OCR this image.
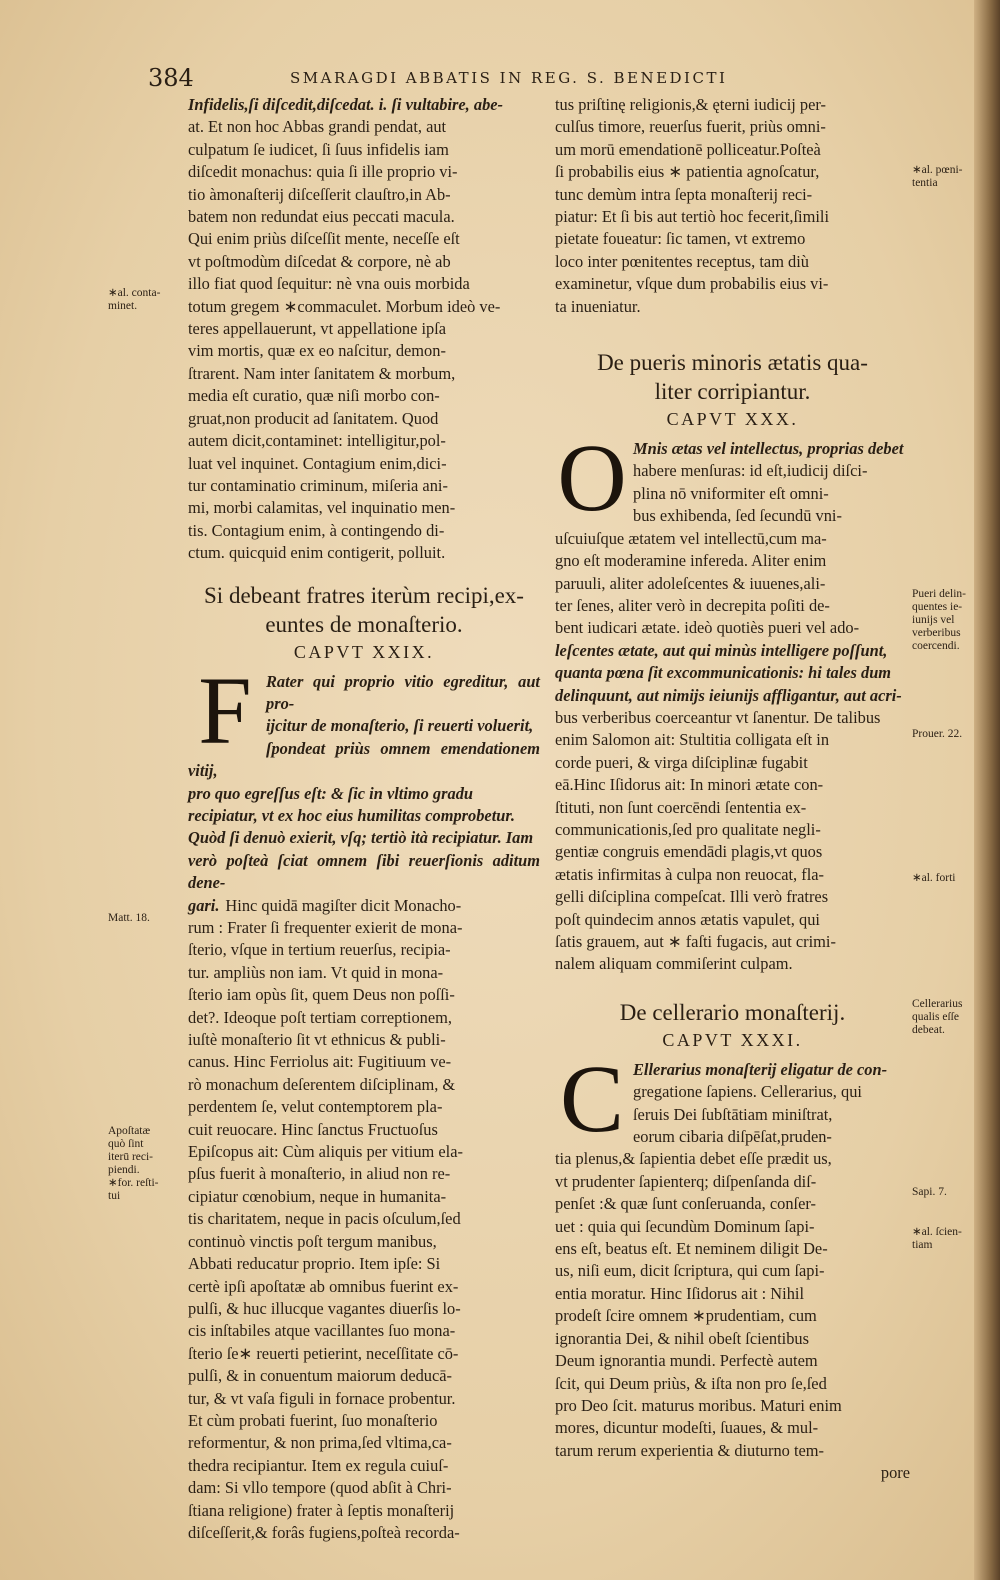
384	SMARAGDI ABBATIS IN REG. S. BENEDICTI

Infidelis,ſi diſcedit,diſcedat. i. ſi vultabire, abe-

at. Et non hoc Abbas grandi pendat, aut

culpatum ſe iudicet, ſi ſuus infidelis iam

diſcedit monachus: quia ſi ille proprio vi-

tio àmonaſterij diſceſſerit clauſtro,in Ab-

batem non redundat eius peccati macula.

Qui enim priùs diſceſſit mente, neceſſe eſt

vt poſtmodùm diſcedat & corpore, nè ab

illo fiat quod ſequitur: nè vna ouis morbida

totum gregem ∗commaculet. Morbum ideò ve-

teres appellauerunt, vt appellatione ipſa

vim mortis, quæ ex eo naſcitur, demon-

ſtrarent. Nam inter ſanitatem & morbum,

media eſt curatio, quæ niſi morbo con-

gruat,non producit ad ſanitatem. Quod

autem dicit,contaminet: intelligitur,pol-

luat vel inquinet. Contagium enim,dici-

tur contaminatio criminum, miſeria ani-

mi, morbi calamitas, vel inquinatio men-

tis. Contagium enim, à contingendo di-

ctum. quicquid enim contigerit, polluit.

Si debeant fratres iterùm recipi,ex-
euntes de monaſterio.
CAPVT XXIX.
F Rater qui proprio vitio egreditur, aut pro-

ijcitur de monaſterio, ſi reuerti voluerit,

ſpondeat priùs omnem emendationem vitij,

pro quo egreſſus eſt: & ſic in vltimo gradu

recipiatur, vt ex hoc eius humilitas comprobetur.

Quòd ſi denuò exierit, vſq; tertiò ità recipiatur. Iam

verò poſteà ſciat omnem ſibi reuerſionis aditum dene-

gari. Hinc quidā magiſter dicit Monacho-

rum : Frater ſi frequenter exierit de mona-

ſterio, vſque in tertium reuerſus, recipia-

tur. ampliùs non iam. Vt quid in mona-

ſterio iam opùs ſit, quem Deus non poſſi-

det?. Ideoque poſt tertiam correptionem,

iuſtè monaſterio ſit vt ethnicus & publi-

canus. Hinc Ferriolus ait: Fugitiuum ve-

rò monachum deſerentem diſciplinam, &

perdentem ſe, velut contemptorem pla-

cuit reuocare. Hinc ſanctus Fructuoſus

Epiſcopus ait: Cùm aliquis per vitium ela-

pſus fuerit à monaſterio, in aliud non re-

cipiatur cœnobium, neque in humanita-

tis charitatem, neque in pacis oſculum,ſed

continuò vinctis poſt tergum manibus,

Abbati reducatur proprio. Item ipſe: Si

certè ipſi apoſtatæ ab omnibus fuerint ex-

pulſi, & huc illucque vagantes diuerſis lo-

cis inſtabiles atque vacillantes ſuo mona-

ſterio ſe∗ reuerti petierint, neceſſitate cō-

pulſi, & in conuentum maiorum deducā-

tur, & vt vaſa figuli in fornace probentur.

Et cùm probati fuerint, ſuo monaſterio

reformentur, & non prima,ſed vltima,ca-

thedra recipiantur. Item ex regula cuiuſ-

dam: Si vllo tempore (quod abſit à Chri-

ſtiana religione) frater à ſeptis monaſterij

diſceſſerit,& forâs fugiens,poſteà recorda-

tus priſtinę religionis,& ęterni iudicij per-

culſus timore, reuerſus fuerit, priùs omni-

um morū emendationē polliceatur.Poſteà

ſi probabilis eius ∗ patientia agnoſcatur,

tunc demùm intra ſepta monaſterij reci-

piatur: Et ſi bis aut tertiò hoc fecerit,ſimili

pietate foueatur: ſic tamen, vt extremo

loco inter pœnitentes receptus, tam diù

examinetur, vſque dum probabilis eius vi-

ta inueniatur.

De pueris minoris ætatis qua-
liter corripiantur.
CAPVT XXX.
O Mnis ætas vel intellectus, proprias debet

habere menſuras: id eſt,iudicij diſci-

plina nō vniformiter eſt omni-

bus exhibenda, ſed ſecundū vni-

uſcuiuſque ætatem vel intellectū,cum ma-

gno eſt moderamine infereda. Aliter enim

paruuli, aliter adoleſcentes & iuuenes,ali-

ter ſenes, aliter verò in decrepita poſiti de-

bent iudicari ætate. ideò quotiès pueri vel ado-

leſcentes ætate, aut qui minùs intelligere poſſunt,

quanta pœna ſit excommunicationis: hi tales dum

delinquunt, aut nimijs ieiunijs affligantur, aut acri-

bus verberibus coerceantur vt ſanentur. De talibus

enim Salomon ait: Stultitia colligata eſt in

corde pueri, & virga diſciplinæ fugabit

eā.Hinc Iſidorus ait: In minori ætate con-

ſtituti, non ſunt coercēndi ſententia ex-

communicationis,ſed pro qualitate negli-

gentiæ congruis emendādi plagis,vt quos

ætatis infirmitas à culpa non reuocat, fla-

gelli diſciplina compeſcat. Illi verò fratres

poſt quindecim annos ætatis vapulet, qui

ſatis grauem, aut ∗ faſti fugacis, aut crimi-

nalem aliquam commiſerint culpam.

De cellerario monaſterij.
CAPVT XXXI.
C Ellerarius monaſterij eligatur de con-

gregatione ſapiens. Cellerarius, qui

ſeruis Dei ſubſtātiam miniſtrat,

eorum cibaria diſpēſat,pruden-

tia plenus,& ſapientia debet eſſe prædit us,

vt prudenter ſapienterq; diſpenſanda diſ-

penſet :& quæ ſunt conſeruanda, conſer-

uet : quia qui ſecundùm Dominum ſapi-

ens eſt, beatus eſt. Et neminem diligit De-

us, niſi eum, dicit ſcriptura, qui cum ſapi-

entia moratur. Hinc Iſidorus ait : Nihil

prodeſt ſcire omnem ∗prudentiam, cum

ignorantia Dei, & nihil obeſt ſcientibus

Deum ignorantia mundi. Perfectè autem

ſcit, qui Deum priùs, & iſta non pro ſe,ſed

pro Deo ſcit. maturus moribus. Maturi enim

mores, dicuntur modeſti, ſuaues, & mul-

tarum rerum experientia & diuturno tem-

pore

∗al. conta-
minet.
Matt. 18.
Apoſtatæ
quò ſint
iterū reci-
piendi.
∗for. reſti-
tui
∗al. pœni-
tentia
Pueri delin-
quentes ie-
iunijs vel
verberibus
coercendi.
Prouer. 22.
∗al. forti
Cellerarius
qualis eſſe
debeat.
Sapi. 7.
∗al. ſcien-
tiam
